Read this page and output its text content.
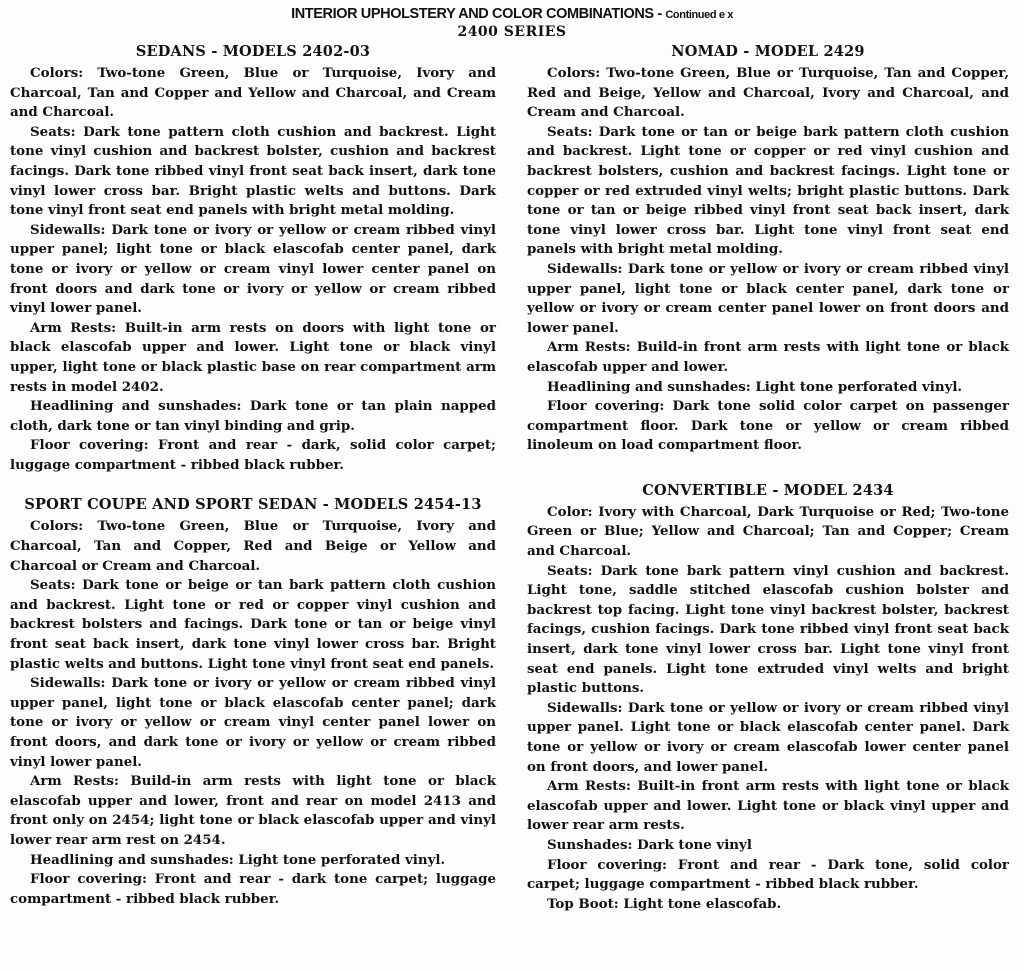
INTERIOR UPHOLSTERY AND COLOR COMBINATIONS - Continued e x
2400 SERIES
SEDANS - MODELS 2402-03

Colors: Two-tone Green, Blue or Turquoise, Ivory and Charcoal, Tan and Copper and Yellow and Charcoal, and Cream and Charcoal.

Seats: Dark tone pattern cloth cushion and backrest. Light tone vinyl cushion and backrest bolster, cushion and backrest facings. Dark tone ribbed vinyl front seat back insert, dark tone vinyl lower cross bar. Bright plastic welts and buttons. Dark tone vinyl front seat end panels with bright metal molding.

Sidewalls: Dark tone or ivory or yellow or cream ribbed vinyl upper panel; light tone or black elascofab center panel, dark tone or ivory or yellow or cream vinyl lower center panel on front doors and dark tone or ivory or yellow or cream ribbed vinyl lower panel.

Arm Rests: Built-in arm rests on doors with light tone or black elascofab upper and lower. Light tone or black vinyl upper, light tone or black plastic base on rear compartment arm rests in model 2402.

Headlining and sunshades: Dark tone or tan plain napped cloth, dark tone or tan vinyl binding and grip.

Floor covering: Front and rear - dark, solid color carpet; luggage compartment - ribbed black rubber.

SPORT COUPE AND SPORT SEDAN - MODELS 2454-13

Colors: Two-tone Green, Blue or Turquoise, Ivory and Charcoal, Tan and Copper, Red and Beige or Yellow and Charcoal or Cream and Charcoal.

Seats: Dark tone or beige or tan bark pattern cloth cushion and backrest. Light tone or red or copper vinyl cushion and backrest bolsters and facings. Dark tone or tan or beige vinyl front seat back insert, dark tone vinyl lower cross bar. Bright plastic welts and buttons. Light tone vinyl front seat end panels.

Sidewalls: Dark tone or ivory or yellow or cream ribbed vinyl upper panel, light tone or black elascofab center panel; dark tone or ivory or yellow or cream vinyl center panel lower on front doors, and dark tone or ivory or yellow or cream ribbed vinyl lower panel.

Arm Rests: Build-in arm rests with light tone or black elascofab upper and lower, front and rear on model 2413 and front only on 2454; light tone or black elascofab upper and vinyl lower rear arm rest on 2454.

Headlining and sunshades: Light tone perforated vinyl.

Floor covering: Front and rear - dark tone carpet; luggage compartment - ribbed black rubber.

NOMAD - MODEL 2429

Colors: Two-tone Green, Blue or Turquoise, Tan and Copper, Red and Beige, Yellow and Charcoal, Ivory and Charcoal, and Cream and Charcoal.

Seats: Dark tone or tan or beige bark pattern cloth cushion and backrest. Light tone or copper or red vinyl cushion and backrest bolsters, cushion and backrest facings. Light tone or copper or red extruded vinyl welts; bright plastic buttons. Dark tone or tan or beige ribbed vinyl front seat back insert, dark tone vinyl lower cross bar. Light tone vinyl front seat end panels with bright metal molding.

Sidewalls: Dark tone or yellow or ivory or cream ribbed vinyl upper panel, light tone or black center panel, dark tone or yellow or ivory or cream center panel lower on front doors and lower panel.

Arm Rests: Build-in front arm rests with light tone or black elascofab upper and lower.

Headlining and sunshades: Light tone perforated vinyl.

Floor covering: Dark tone solid color carpet on passenger compartment floor. Dark tone or yellow or cream ribbed linoleum on load compartment floor.

CONVERTIBLE - MODEL 2434

Color: Ivory with Charcoal, Dark Turquoise or Red; Two-tone Green or Blue; Yellow and Charcoal; Tan and Copper; Cream and Charcoal.

Seats: Dark tone bark pattern vinyl cushion and backrest. Light tone, saddle stitched elascofab cushion bolster and backrest top facing. Light tone vinyl backrest bolster, backrest facings, cushion facings. Dark tone ribbed vinyl front seat back insert, dark tone vinyl lower cross bar. Light tone vinyl front seat end panels. Light tone extruded vinyl welts and bright plastic buttons.

Sidewalls: Dark tone or yellow or ivory or cream ribbed vinyl upper panel. Light tone or black elascofab center panel. Dark tone or yellow or ivory or cream elascofab lower center panel on front doors, and lower panel.

Arm Rests: Built-in front arm rests with light tone or black elascofab upper and lower. Light tone or black vinyl upper and lower rear arm rests.

Sunshades: Dark tone vinyl

Floor covering: Front and rear - Dark tone, solid color carpet; luggage compartment - ribbed black rubber.

Top Boot: Light tone elascofab.
